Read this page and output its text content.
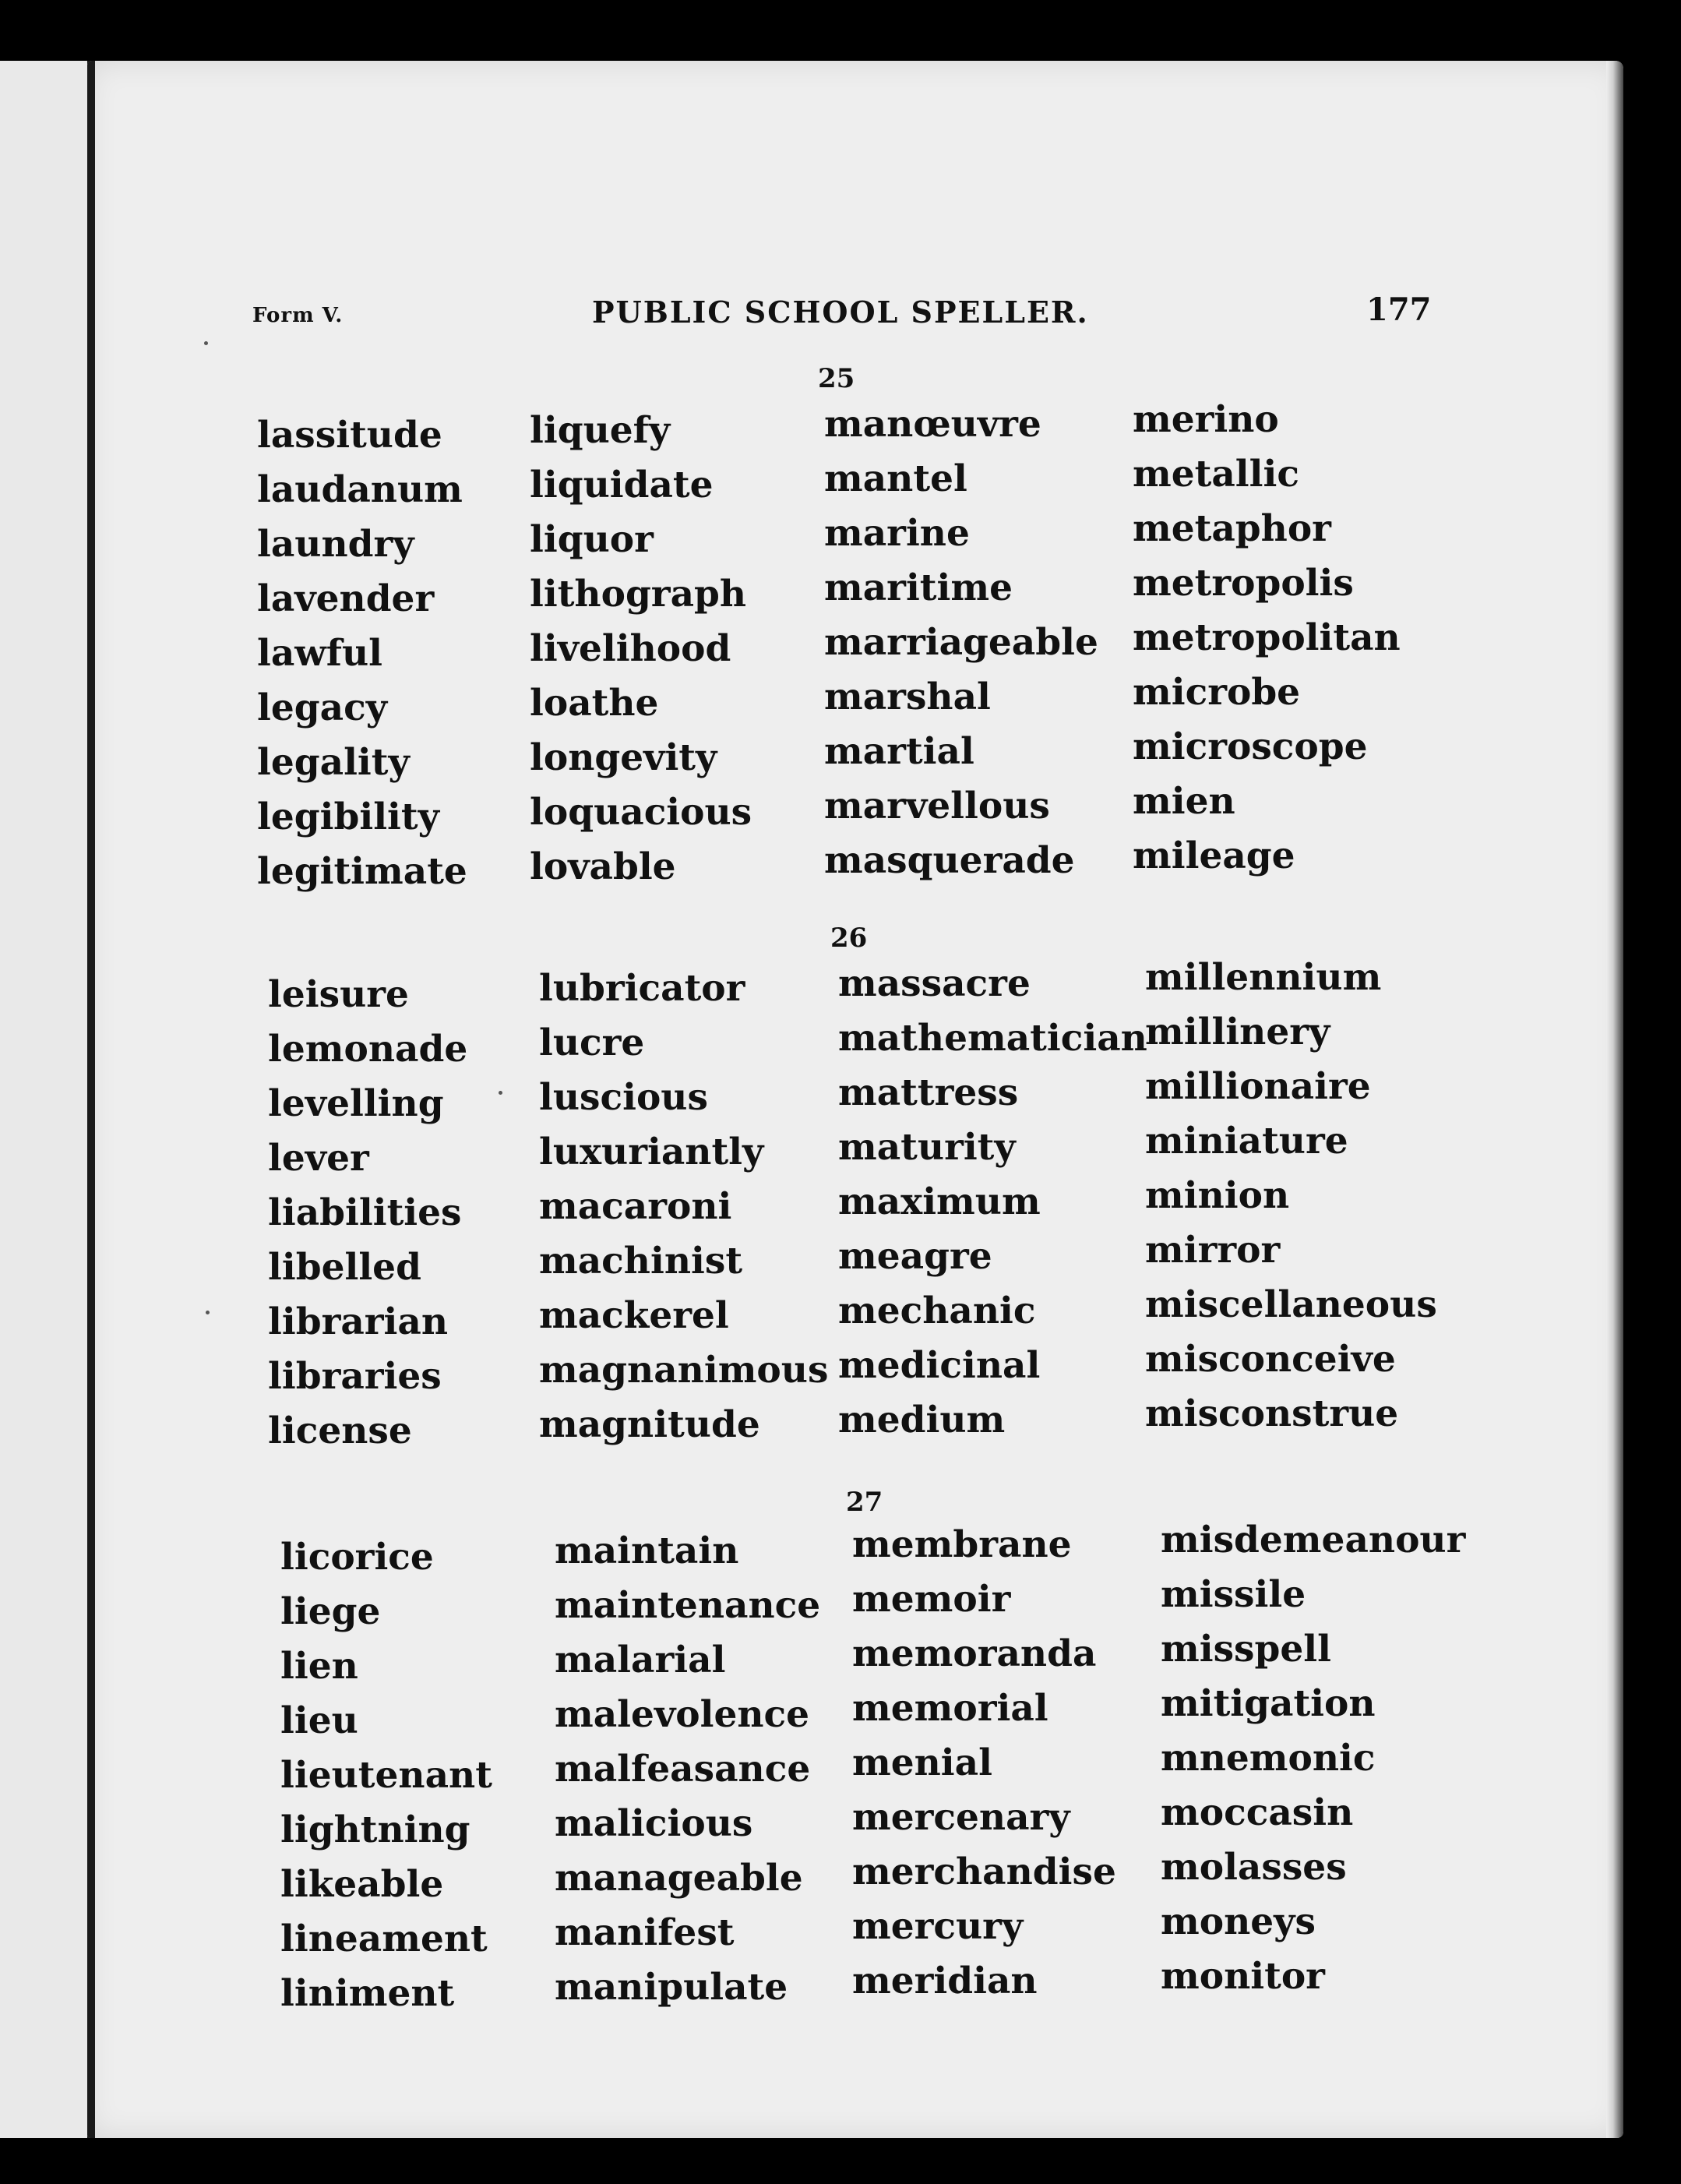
Form V.	PUBLIC SCHOOL SPELLER.	177
25
lassitude
laudanum
laundry
lavender
lawful
legacy
legality
legibility
legitimate
liquefy
liquidate
liquor
lithograph
livelihood
loathe
longevity
loquacious
lovable
manœuvre
mantel
marine
maritime
marriageable
marshal
martial
marvellous
masquerade
merino
metallic
metaphor
metropolis
metropolitan
microbe
microscope
mien
mileage
26
leisure
lemonade
levelling
lever
liabilities
libelled
librarian
libraries
license
lubricator
lucre
luscious
luxuriantly
macaroni
machinist
mackerel
magnanimous
magnitude
massacre
mathematician
mattress
maturity
maximum
meagre
mechanic
medicinal
medium
millennium
millinery
millionaire
miniature
minion
mirror
miscellaneous
misconceive
misconstrue
27
licorice
liege
lien
lieu
lieutenant
lightning
likeable
lineament
liniment
maintain
maintenance
malarial
malevolence
malfeasance
malicious
manageable
manifest
manipulate
membrane
memoir
memoranda
memorial
menial
mercenary
merchandise
mercury
meridian
misdemeanour
missile
misspell
mitigation
mnemonic
moccasin
molasses
moneys
monitor
